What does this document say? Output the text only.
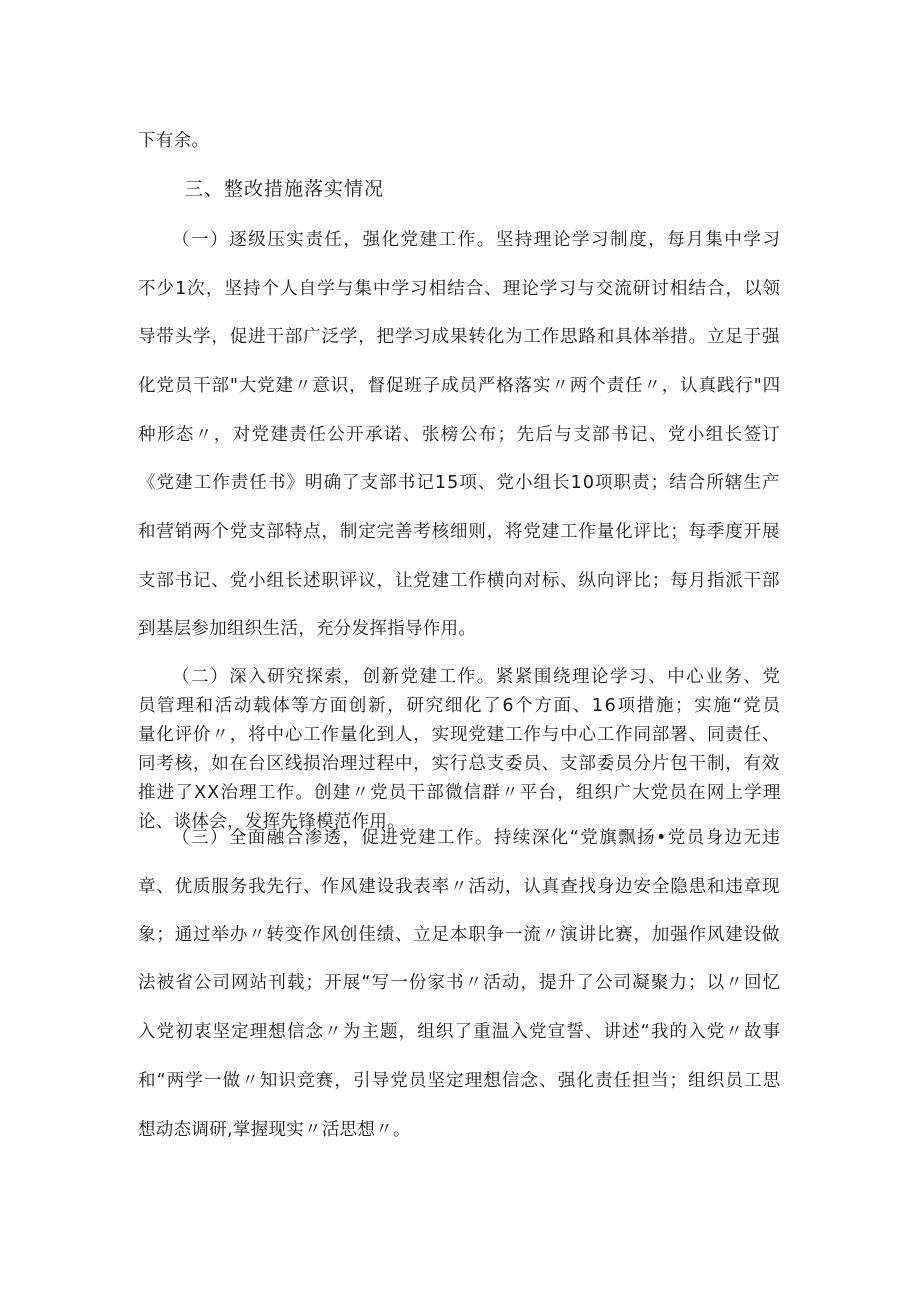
下有余。
三、整改措施落实情况
（一）逐级压实责任，强化党建工作。坚持理论学习制度，每月集中学习
不少1次，坚持个人自学与集中学习相结合、理论学习与交流研讨相结合，以领
导带头学，促进干部广泛学，把学习成果转化为工作思路和具体举措。立足于强
化党员干部"大党建〃意识，督促班子成员严格落实〃两个责任〃，认真践行"四
种形态〃，对党建责任公开承诺、张榜公布；先后与支部书记、党小组长签订
《党建工作责任书》明确了支部书记15项、党小组长10项职责；结合所辖生产
和营销两个党支部特点，制定完善考核细则，将党建工作量化评比；每季度开展
支部书记、党小组长述职评议，让党建工作横向对标、纵向评比；每月指派干部
到基层参加组织生活，充分发挥指导作用。
（二）深入研究探索，创新党建工作。紧紧围绕理论学习、中心业务、党
员管理和活动载体等方面创新，研究细化了6个方面、16项措施；实施“党员
量化评价〃，将中心工作量化到人，实现党建工作与中心工作同部署、同责任、
同考核，如在台区线损治理过程中，实行总支委员、支部委员分片包干制，有效
推进了XX治理工作。创建〃党员干部微信群〃平台，组织广大党员在网上学理
论、谈体会，发挥先锋模范作用。
（三）全面融合渗透，促进党建工作。持续深化“党旗飘扬•党员身边无违
章、优质服务我先行、作风建设我表率〃活动，认真查找身边安全隐患和违章现
象；通过举办〃转变作风创佳绩、立足本职争一流〃演讲比赛，加强作风建设做
法被省公司网站刊载；开展“写一份家书〃活动，提升了公司凝聚力；以〃回忆
入党初衷坚定理想信念〃为主题，组织了重温入党宣誓、讲述“我的入党〃故事
和“两学一做〃知识竞赛，引导党员坚定理想信念、强化责任担当；组织员工思
想动态调研,掌握现实〃活思想〃。
